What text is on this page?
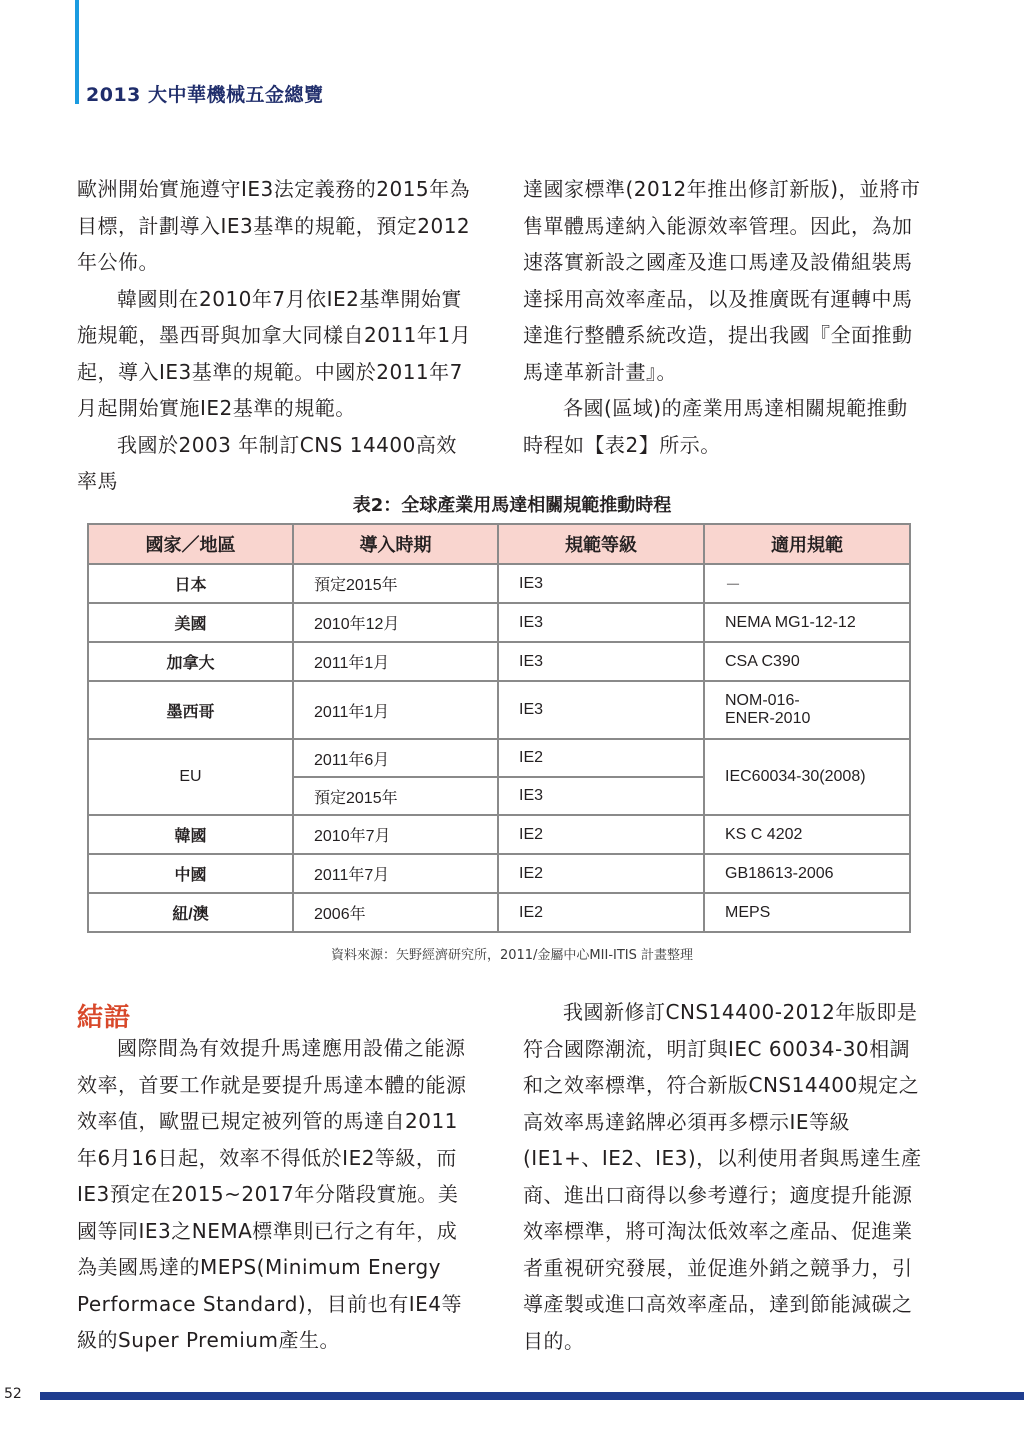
2013 大中華機械五金總覽

歐洲開始實施遵守IE3法定義務的2015年為目標，計劃導入IE3基準的規範，預定2012年公佈。

韓國則在2010年7月依IE2基準開始實施規範，墨西哥與加拿大同樣自2011年1月起，導入IE3基準的規範。中國於2011年7月起開始實施IE2基準的規範。

我國於2003 年制訂CNS 14400高效率馬

達國家標準(2012年推出修訂新版)，並將市售單體馬達納入能源效率管理。因此，為加速落實新設之國產及進口馬達及設備組裝馬達採用高效率產品，以及推廣既有運轉中馬達進行整體系統改造，提出我國『全面推動馬達革新計畫』。

各國(區域)的產業用馬達相關規範推動時程如【表2】所示。

表2：全球產業用馬達相關規範推動時程
國家／地區	導入時期	規範等級	適用規範
日本	預定2015年	IE3	－
美國	2010年12月	IE3	NEMA MG1-12-12
加拿大	2011年1月	IE3	CSA C390
墨西哥	2011年1月	IE3	NOM-016-
ENER-2010
EU	2011年6月	IE2	IEC60034-30(2008)
	預定2015年	IE3	
韓國	2010年7月	IE2	KS C 4202
中國	2011年7月	IE2	GB18613-2006
紐/澳	2006年	IE2	MEPS
資料來源：矢野經濟研究所，2011/金屬中心MII-ITIS 計畫整理
結語

國際間為有效提升馬達應用設備之能源效率，首要工作就是要提升馬達本體的能源效率值，歐盟已規定被列管的馬達自2011年6月16日起，效率不得低於IE2等級，而IE3預定在2015~2017年分階段實施。美國等同IE3之NEMA標準則已行之有年，成為美國馬達的MEPS(Minimum Energy Performace Standard)，目前也有IE4等級的Super Premium產生。

我國新修訂CNS14400-2012年版即是符合國際潮流，明訂與IEC 60034-30相調和之效率標準，符合新版CNS14400規定之高效率馬達銘牌必須再多標示IE等級(IE1+、IE2、IE3)，以利使用者與馬達生產商、進出口商得以參考遵行；適度提升能源效率標準，將可淘汰低效率之產品、促進業者重視研究發展，並促進外銷之競爭力，引導產製或進口高效率產品，達到節能減碳之目的。

52
